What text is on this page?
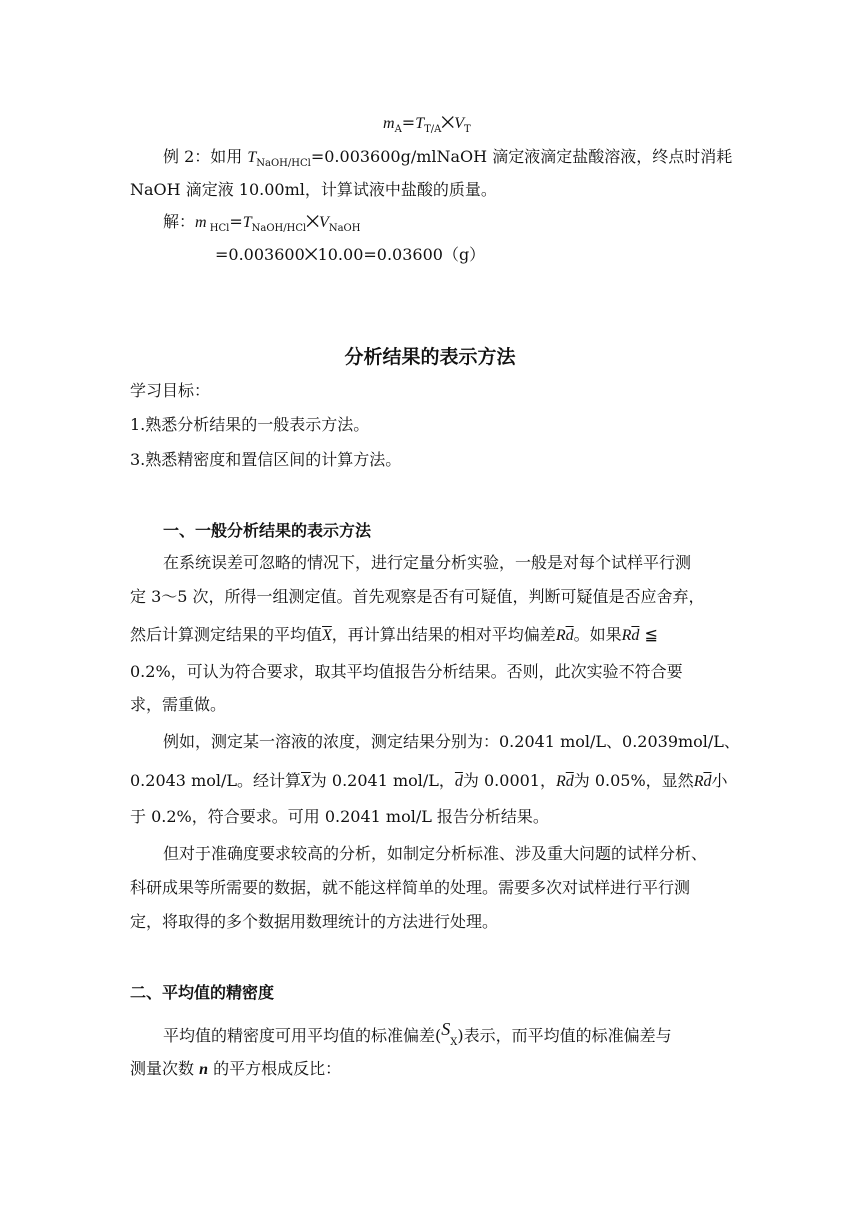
$m_A=T_{T/A}⨉V_T$
例 2：如用 $T_{NaOH/HCl}=0.003600g$/mlNaOH 滴定液滴定盐酸溶液，终点时消耗
NaOH 滴定液 10.00ml，计算试液中盐酸的质量。
解：m $_{HCl}=T_{NaOH/HCl}⨉V_{NaOH}$
=0.003600⨉10.00=0.03600（g）
分析结果的表示方法
学习目标：
1.熟悉分析结果的一般表示方法。
3.熟悉精密度和置信区间的计算方法。
一、一般分析结果的表示方法
在系统误差可忽略的情况下，进行定量分析实验，一般是对每个试样平行测
定 3～5 次，所得一组测定值。首先观察是否有可疑值，判断可疑值是否应舍弃，
然后计算测定结果的平均值$\overline{X}$，再计算出结果的相对平均偏差$R\overline{d}$。如果$R\overline{d}$ ≦
0.2%，可认为符合要求，取其平均值报告分析结果。否则，此次实验不符合要
求，需重做。
例如，测定某一溶液的浓度，测定结果分别为：0.2041 mol/L、0.2039mol/L、
0.2043 mol/L。经计算$\overline{X}$为 0.2041 mol/L，$\overline{d}$为 0.0001，$R\overline{d}$为 0.05%，显然$R\overline{d}$小
于 0.2%，符合要求。可用 0.2041 mol/L 报告分析结果。
但对于准确度要求较高的分析，如制定分析标准、涉及重大问题的试样分析、
科研成果等所需要的数据，就不能这样简单的处理。需要多次对试样进行平行测
定，将取得的多个数据用数理统计的方法进行处理。
二、平均值的精密度
平均值的精密度可用平均值的标准偏差$(S_X)$表示，而平均值的标准偏差与
测量次数 n 的平方根成反比：
